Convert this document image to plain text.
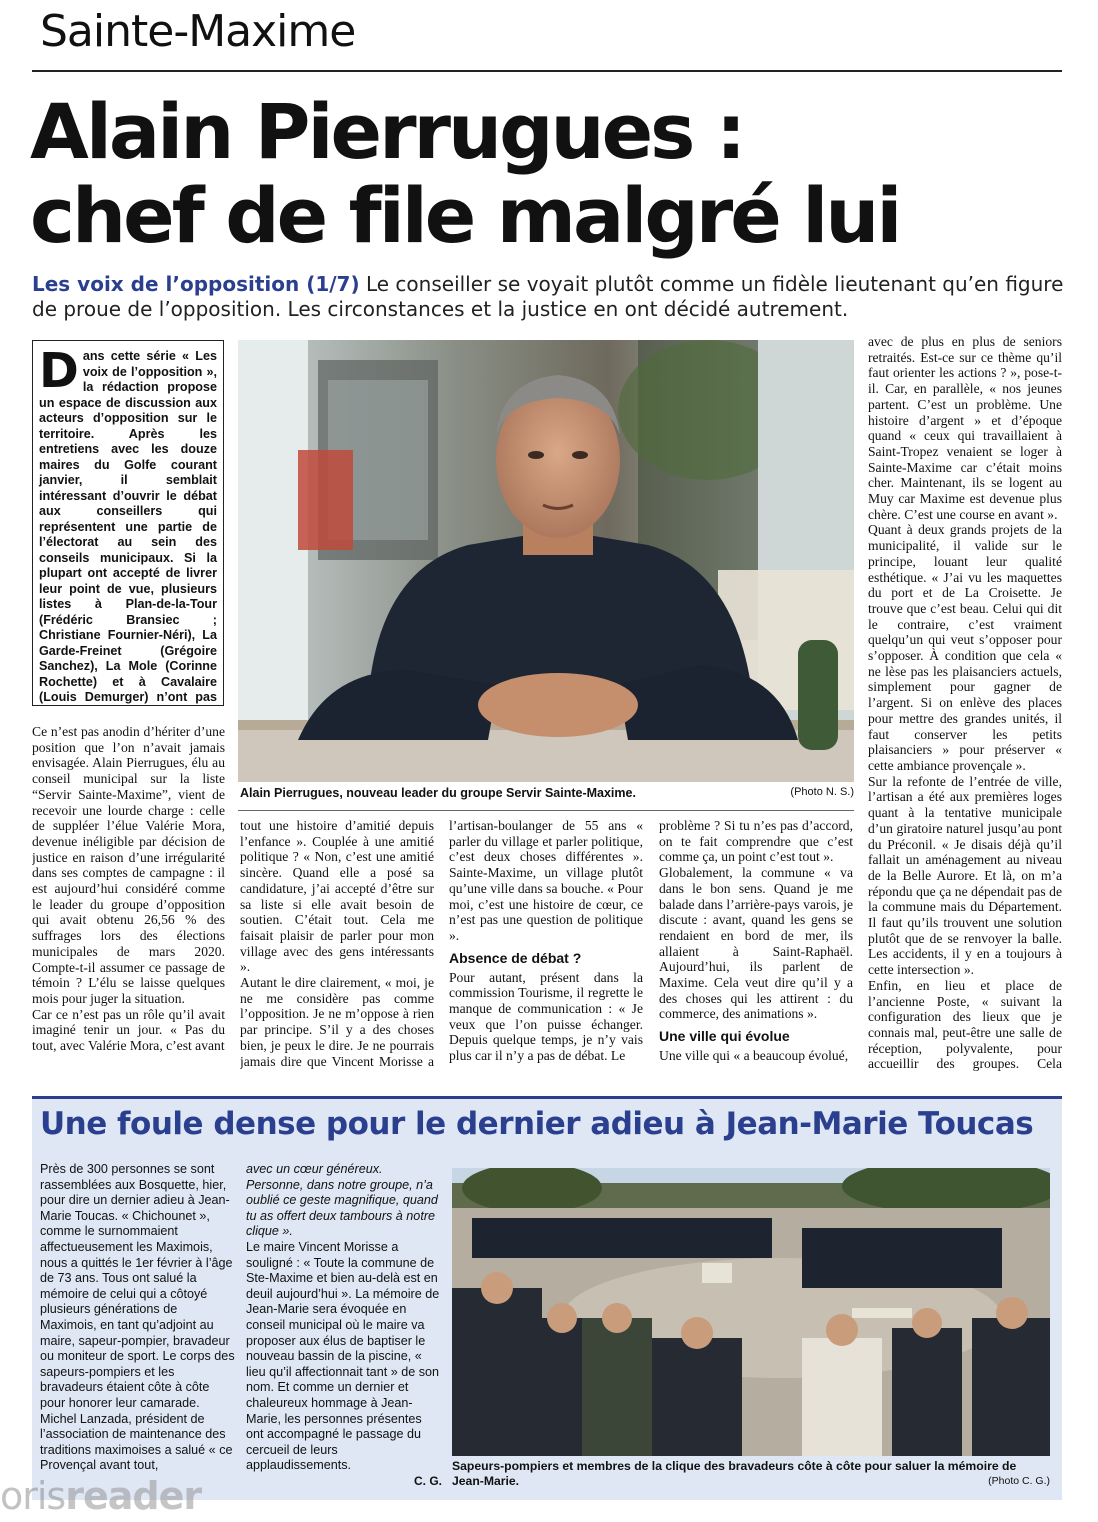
Sainte-Maxime
Alain Pierrugues :
chef de file malgré lui
Les voix de l’opposition (1/7) Le conseiller se voyait plutôt comme un fidèle lieutenant qu’en figure de proue de l’opposition. Les circonstances et la justice en ont décidé autrement.
Dans cette série « Les voix de l’opposition », la rédaction propose un espace de discussion aux acteurs d’opposition sur le territoire. Après les entretiens avec les douze maires du Golfe courant janvier, il semblait intéressant d’ouvrir le débat aux conseillers qui représentent une partie de l’électorat au sein des conseils municipaux. Si la plupart ont accepté de livrer leur point de vue, plusieurs listes à Plan-de-la-Tour (Frédéric Bransiec ; Christiane Fournier-Néri), La Garde-Freinet (Grégoire Sanchez), La Mole (Corinne Rochette) et à Cavalaire (Louis Demurger) n’ont pas
Alain Pierrugues, nouveau leader du groupe Servir Sainte-Maxime.	(Photo N. S.)

Ce n’est pas anodin d’hériter d’une position que l’on n’avait jamais envisagée. Alain Pierrugues, élu au conseil municipal sur la liste “Servir Sainte-Maxime”, vient de recevoir une lourde charge : celle de suppléer l’élue Valérie Mora, devenue inéligible par décision de justice en raison d’une irrégularité dans ses comptes de campagne : il est aujourd’hui considéré comme le leader du groupe d’opposition qui avait obtenu 26,56 % des suffrages lors des élections municipales de mars 2020. Compte-t-il assumer ce passage de témoin ? L’élu se laisse quelques mois pour juger la situation.

Car ce n’est pas un rôle qu’il avait imaginé tenir un jour. « Pas du tout, avec Valérie Mora, c’est avant

tout une histoire d’amitié depuis l’enfance ». Couplée à une amitié politique ? « Non, c’est une amitié sincère. Quand elle a posé sa candidature, j’ai accepté d’être sur sa liste si elle avait besoin de soutien. C’était tout. Cela me faisait plaisir de parler pour mon village avec des gens intéressants ».

Autant le dire clairement, « moi, je ne me considère pas comme l’opposition. Je ne m’oppose à rien par principe. S’il y a des choses bien, je peux le dire. Je ne pourrais jamais dire que Vincent Morisse a

l’artisan-boulanger de 55 ans « parler du village et parler politique, c’est deux choses différentes ». Sainte-Maxime, un village plutôt qu’une ville dans sa bouche. « Pour moi, c’est une histoire de cœur, ce n’est pas une question de politique ».

Absence de débat ?

Pour autant, présent dans la commission Tourisme, il regrette le manque de communication : « Je veux que l’on puisse échanger. Depuis quelque temps, je n’y vais plus car il n’y a pas de débat. Le

problème ? Si tu n’es pas d’accord, on te fait comprendre que c’est comme ça, un point c’est tout ».

Globalement, la commune « va dans le bon sens. Quand je me balade dans l’arrière-pays varois, je discute : avant, quand les gens se rendaient en bord de mer, ils allaient à Saint-Raphaël. Aujourd’hui, ils parlent de Maxime. Cela veut dire qu’il y a des choses qui les attirent : du commerce, des animations ».

Une ville qui évolue

Une ville qui « a beaucoup évolué,

avec de plus en plus de seniors retraités. Est-ce sur ce thème qu’il faut orienter les actions ? », pose-t-il. Car, en parallèle, « nos jeunes partent. C’est un problème. Une histoire d’argent » et d’époque quand « ceux qui travaillaient à Saint-Tropez venaient se loger à Sainte-Maxime car c’était moins cher. Maintenant, ils se logent au Muy car Maxime est devenue plus chère. C’est une course en avant ».

Quant à deux grands projets de la municipalité, il valide sur le principe, louant leur qualité esthétique. « J’ai vu les maquettes du port et de La Croisette. Je trouve que c’est beau. Celui qui dit le contraire, c’est vraiment quelqu’un qui veut s’opposer pour s’opposer. À condition que cela « ne lèse pas les plaisanciers actuels, simplement pour gagner de l’argent. Si on enlève des places pour mettre des grandes unités, il faut conserver les petits plaisanciers » pour préserver « cette ambiance provençale ».

Sur la refonte de l’entrée de ville, l’artisan a été aux premières loges quant à la tentative municipale d’un giratoire naturel jusqu’au pont du Préconil. « Je disais déjà qu’il fallait un aménagement au niveau de la Belle Aurore. Et là, on m’a répondu que ça ne dépendait pas de la commune mais du Département. Il faut qu’ils trouvent une solution plutôt que de se renvoyer la balle. Les accidents, il y en a toujours à cette intersection ».

Enfin, en lieu et place de l’ancienne Poste, « suivant la configuration des lieux que je connais mal, peut-être une salle de réception, polyvalente, pour accueillir des groupes. Cela

Une foule dense pour le dernier adieu à Jean-Marie Toucas
Près de 300 personnes se sont rassemblées aux Bosquette, hier, pour dire un dernier adieu à Jean-Marie Toucas. « Chichounet », comme le surnommaient affectueusement les Maximois, nous a quittés le 1er février à l’âge de 73 ans. Tous ont salué la mémoire de celui qui a côtoyé plusieurs générations de Maximois, en tant qu’adjoint au maire, sapeur-pompier, bravadeur ou moniteur de sport. Le corps des sapeurs-pompiers et les bravadeurs étaient côte à côte pour honorer leur camarade. Michel Lanzada, président de l’association de maintenance des traditions maximoises a salué « ce Provençal avant tout,
avec un cœur généreux. Personne, dans notre groupe, n’a oublié ce geste magnifique, quand tu as offert deux tambours à notre clique ».
Le maire Vincent Morisse a souligné : « Toute la commune de Ste-Maxime et bien au-delà est en deuil aujourd’hui ». La mémoire de Jean-Marie sera évoquée en conseil municipal où le maire va proposer aux élus de baptiser le nouveau bassin de la piscine, « lieu qu’il affectionnait tant » de son nom. Et comme un dernier et chaleureux hommage à Jean-Marie, les personnes présentes ont accompagné le passage du cercueil de leurs applaudissements.
C. G.
Sapeurs-pompiers et membres de la clique des bravadeurs côte à côte pour saluer la mémoire de Jean-Marie.	(Photo C. G.)
orisreader
